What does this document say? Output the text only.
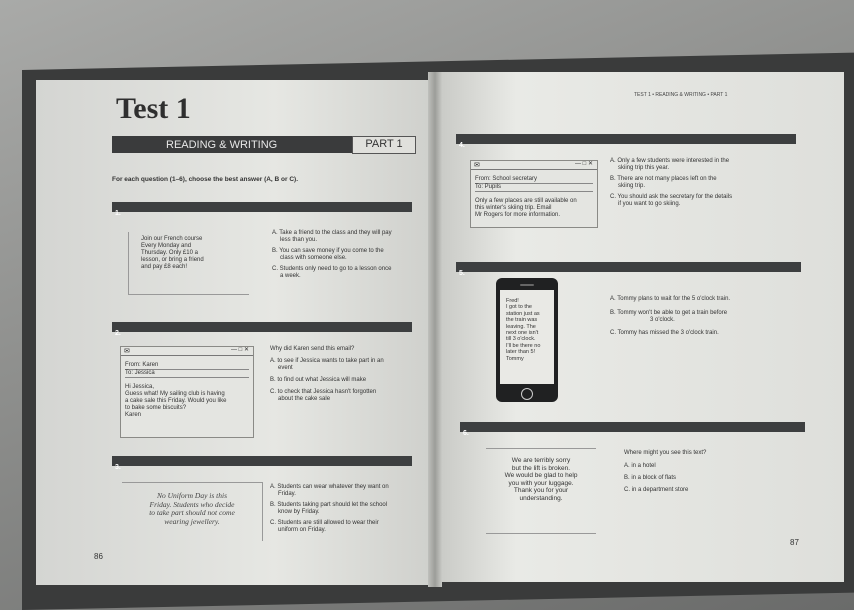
Test 1
READING & WRITING	PART 1
For each question (1–6), choose the best answer (A, B or C).
1.
Join our French course
Every Monday and
Thursday. Only £10 a
lesson, or bring a friend
and pay £8 each!
A. Take a friend to the class and they will pay
less than you.
B. You can save money if you come to the
class with someone else.
C. Students only need to go to a lesson once
a week.
2.
✉	— □ ✕
From: Karen
To: Jessica
Hi Jessica,
Guess what! My sailing club is having
a cake sale this Friday. Would you like
to bake some biscuits?
Karen
Why did Karen send this email?
A. to see if Jessica wants to take part in an
event
B. to find out what Jessica will make
C. to check that Jessica hasn't forgotten
about the cake sale
3.
No Uniform Day is this
Friday. Students who decide
to take part should not come
wearing jewellery.
A. Students can wear whatever they want on
Friday.
B. Students taking part should let the school
know by Friday.
C. Students are still allowed to wear their
uniform on Friday.
86
TEST 1 • READING & WRITING • PART 1
4.
✉	— □ ✕
From: School secretary
To: Pupils
Only a few places are still available on
this winter's skiing trip. Email
Mr Rogers for more information.
A. Only a few students were interested in the
skiing trip this year.
B. There are not many places left on the
skiing trip.
C. You should ask the secretary for the details
if you want to go skiing.
5.
Fred!
I got to the
station just as
the train was
leaving. The
next one isn't
till 3 o'clock.
I'll be there no
later than 5!
Tommy
A. Tommy plans to wait for the 5 o'clock train.
B. Tommy won't be able to get a train before
3 o'clock.
C. Tommy has missed the 3 o'clock train.
6.
We are terribly sorry
but the lift is broken.
We would be glad to help
you with your luggage.
Thank you for your
understanding.
Where might you see this text?
A. in a hotel
B. in a block of flats
C. in a department store
87
